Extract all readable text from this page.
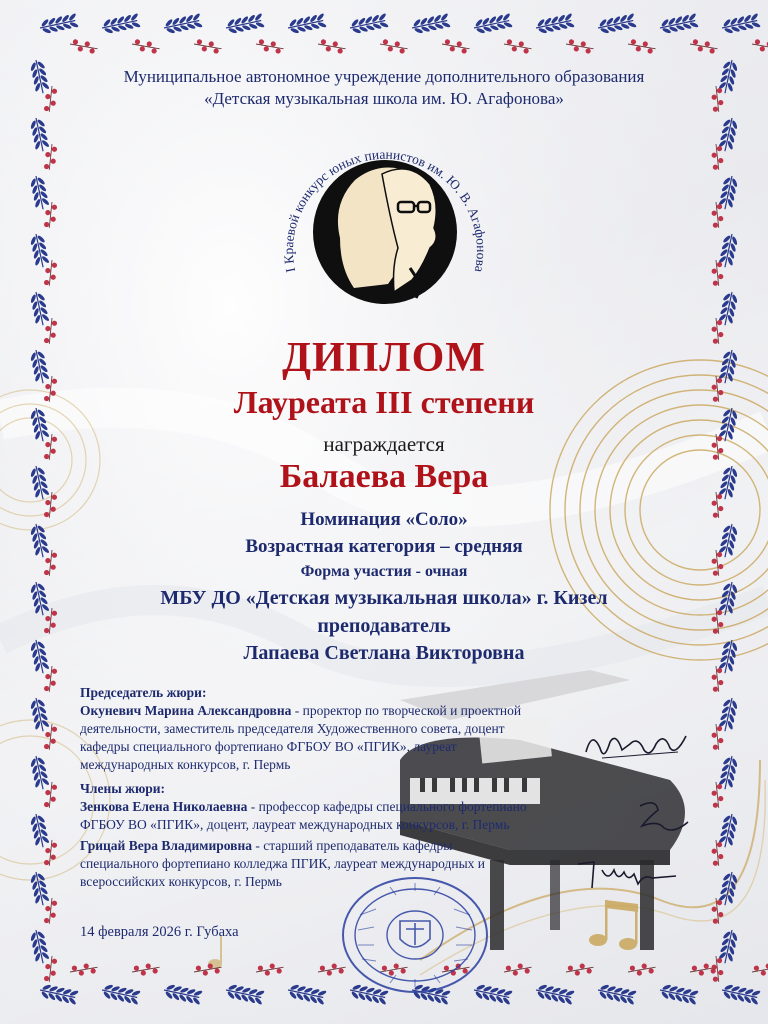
Муниципальное автономное учреждение дополнительного образования
«Детская музыкальная школа им. Ю. Агафонова»
I Краевой конкурс юных пианистов им. Ю. В. Агафонова
ДИПЛОМ
Лауреата III степени
награждается
Балаева Вера
Номинация «Соло»
Возрастная категория – средняя
Форма участия - очная
МБУ ДО «Детская музыкальная школа» г. Кизел
преподаватель
Лапаева Светлана Викторовна
Председатель жюри:
Окуневич Марина Александровна - проректор по творческой и проектной
деятельности, заместитель председателя Художественного совета, доцент
кафедры специального фортепиано ФГБОУ ВО «ПГИК», лауреат
международных конкурсов, г. Пермь
Члены жюри:
Зенкова Елена Николаевна - профессор кафедры специального фортепиано
ФГБОУ ВО «ПГИК», доцент, лауреат международных конкурсов, г. Пермь
Грицай Вера Владимировна - старший преподаватель кафедры
специального фортепиано колледжа ПГИК, лауреат международных и
всероссийских конкурсов, г. Пермь
14 февраля 2026 г. Губаха
